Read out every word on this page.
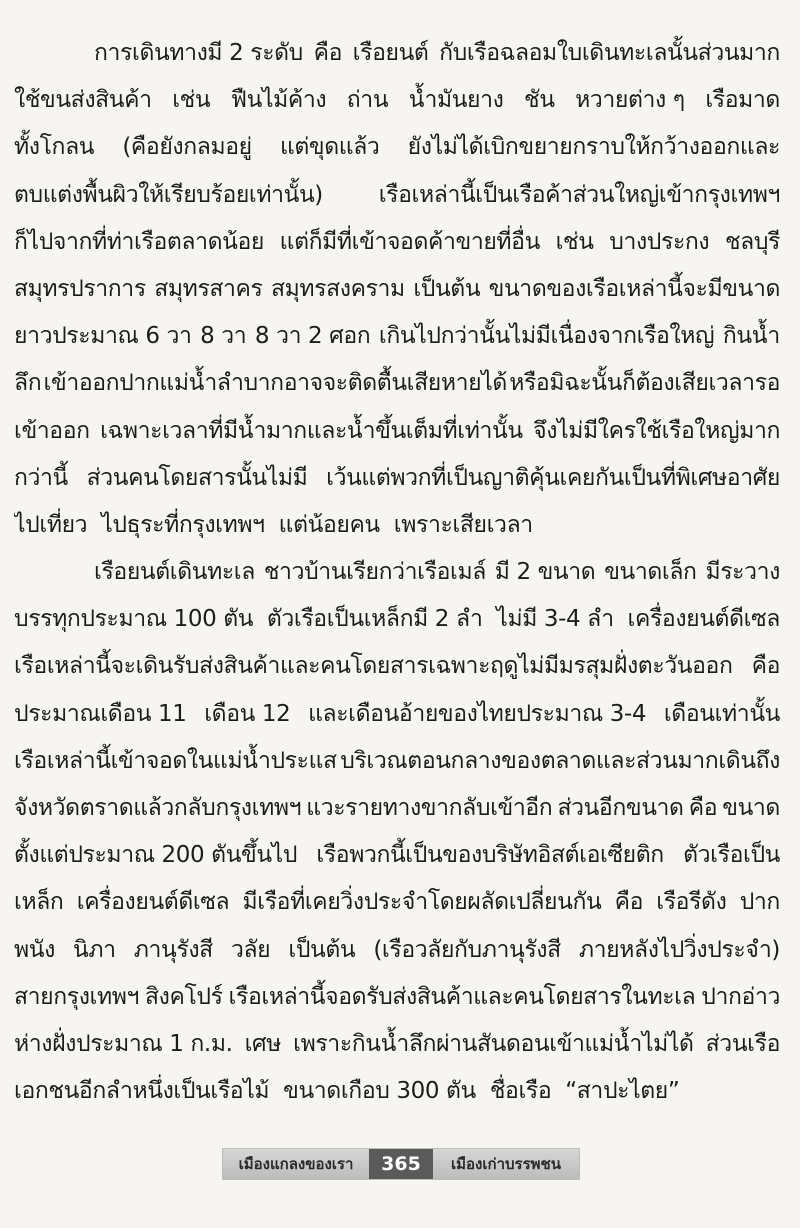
การเดินทางมี 2 ระดับ คือ เรือยนต์ กับเรือฉลอมใบเดินทะเลนั้นส่วนมาก
ใช้ขนส่งสินค้า เช่น ฟืนไม้ค้าง ถ่าน น้ำมันยาง ชัน หวายต่าง ๆ เรือมาด
ทั้งโกลน (คือยังกลมอยู่ แต่ขุดแล้ว ยังไม่ได้เบิกขยายกราบให้กว้างออกและ
ตบแต่งพื้นผิวให้เรียบร้อยเท่านั้น) เรือเหล่านี้เป็นเรือค้าส่วนใหญ่เข้ากรุงเทพฯ
ก็ไปจากที่ท่าเรือตลาดน้อย แต่ก็มีที่เข้าจอดค้าขายที่อื่น เช่น บางประกง ชลบุรี
สมุทรปราการ สมุทรสาคร สมุทรสงคราม เป็นต้น ขนาดของเรือเหล่านี้จะมีขนาด
ยาวประมาณ 6 วา 8 วา 8 วา 2 ศอก เกินไปกว่านั้นไม่มีเนื่องจากเรือใหญ่ กินน้ำ
ลึก เข้าออกปากแม่น้ำลำบากอาจจะติดตื้นเสียหายได้ หรือมิฉะนั้นก็ต้องเสียเวลารอ
เข้าออก เฉพาะเวลาที่มีน้ำมากและน้ำขึ้นเต็มที่เท่านั้น จึงไม่มีใครใช้เรือใหญ่มาก
กว่านี้ ส่วนคนโดยสารนั้นไม่มี เว้นแต่พวกที่เป็นญาติคุ้นเคยกันเป็นที่พิเศษอาศัย
ไปเที่ยว ไปธุระที่กรุงเทพฯ แต่น้อยคน เพราะเสียเวลา
เรือยนต์เดินทะเล ชาวบ้านเรียกว่าเรือเมล์ มี 2 ขนาด ขนาดเล็ก มีระวาง
บรรทุกประมาณ 100 ตัน ตัวเรือเป็นเหล็กมี 2 ลำ ไม่มี 3-4 ลำ เครื่องยนต์ดีเซล
เรือเหล่านี้จะเดินรับส่งสินค้าและคนโดยสารเฉพาะฤดูไม่มีมรสุมฝั่งตะวันออก คือ
ประมาณเดือน 11 เดือน 12 และเดือนอ้ายของไทยประมาณ 3-4 เดือนเท่านั้น
เรือเหล่านี้เข้าจอดในแม่น้ำประแส บริเวณตอนกลางของตลาดและส่วนมากเดินถึง
จังหวัดตราดแล้วกลับกรุงเทพฯ แวะรายทางขากลับเข้าอีก ส่วนอีกขนาด คือ ขนาด
ตั้งแต่ประมาณ 200 ตันขึ้นไป เรือพวกนี้เป็นของบริษัทอิสต์เอเซียติก ตัวเรือเป็น
เหล็ก เครื่องยนต์ดีเซล มีเรือที่เคยวิ่งประจำโดยผลัดเปลี่ยนกัน คือ เรือรีดัง ปาก
พนัง นิภา ภานุรังสี วลัย เป็นต้น (เรือวลัยกับภานุรังสี ภายหลังไปวิ่งประจำ)
สายกรุงเทพฯ สิงคโปร์ เรือเหล่านี้จอดรับส่งสินค้าและคนโดยสารในทะเล ปากอ่าว
ห่างฝั่งประมาณ 1 ก.ม. เศษ เพราะกินน้ำลึกผ่านสันดอนเข้าแม่น้ำไม่ได้ ส่วนเรือ
เอกชนอีกลำหนึ่งเป็นเรือไม้ ขนาดเกือบ 300 ตัน ชื่อเรือ “สาปะไตย”
เมืองแกลงของเรา	365	เมืองเก่าบรรพชน
